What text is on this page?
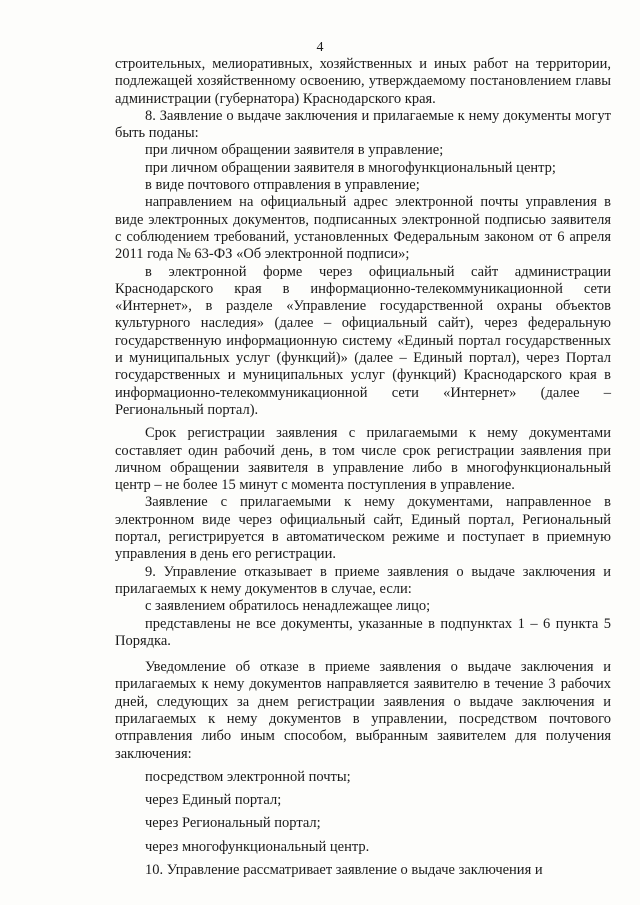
4

строительных, мелиоративных, хозяйственных и иных работ на территории, подлежащей хозяйственному освоению, утверждаемому постановлением главы администрации (губернатора) Краснодарского края.

8. Заявление о выдаче заключения и прилагаемые к нему документы могут быть поданы:

при личном обращении заявителя в управление;

при личном обращении заявителя в многофункциональный центр;

в виде почтового отправления в управление;

направлением на официальный адрес электронной почты управления в виде электронных документов, подписанных электронной подписью заявителя с соблюдением требований, установленных Федеральным законом от 6 апреля 2011 года № 63-ФЗ «Об электронной подписи»;

в электронной форме через официальный сайт администрации Краснодарского края в информационно-телекоммуникационной сети «Интернет», в разделе «Управление государственной охраны объектов культурного наследия» (далее – официальный сайт), через федеральную государственную информационную систему «Единый портал государственных и муниципальных услуг (функций)» (далее – Единый портал), через Портал государственных и муниципальных услуг (функций) Краснодарского края в информационно-телекоммуникационной сети «Интернет» (далее – Региональный портал).

Срок регистрации заявления с прилагаемыми к нему документами составляет один рабочий день, в том числе срок регистрации заявления при личном обращении заявителя в управление либо в многофункциональный центр – не более 15 минут с момента поступления в управление.

Заявление с прилагаемыми к нему документами, направленное в электронном виде через официальный сайт, Единый портал, Региональный портал, регистрируется в автоматическом режиме и поступает в приемную управления в день его регистрации.

9. Управление отказывает в приеме заявления о выдаче заключения и прилагаемых к нему документов в случае, если:

с заявлением обратилось ненадлежащее лицо;

представлены не все документы, указанные в подпунктах 1 – 6 пункта 5 Порядка.

Уведомление об отказе в приеме заявления о выдаче заключения и прилагаемых к нему документов направляется заявителю в течение 3 рабочих дней, следующих за днем регистрации заявления о выдаче заключения и прилагаемых к нему документов в управлении, посредством почтового отправления либо иным способом, выбранным заявителем для получения заключения:

посредством электронной почты;

через Единый портал;

через Региональный портал;

через многофункциональный центр.

10. Управление рассматривает заявление о выдаче заключения и
